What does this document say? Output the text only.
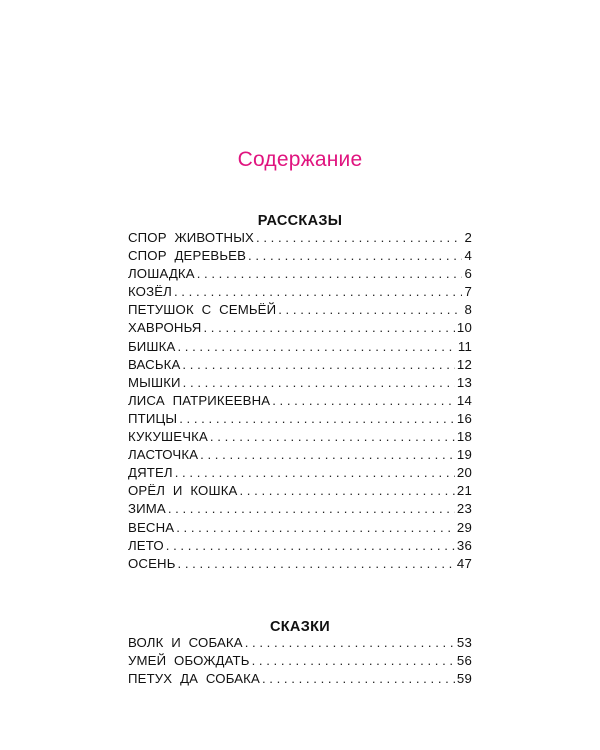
Содержание
РАССКАЗЫ
СПОР ЖИВОТНЫХ . . .	2
СПОР ДЕРЕВЬЕВ . . .	4
ЛОШАДКА . . .	6
КОЗЁЛ . . .	7
ПЕТУШОК С СЕМЬЁЙ . . .	8
ХАВРОНЬЯ . . .	10
БИШКА . . .	11
ВАСЬКА . . .	12
МЫШКИ . . .	13
ЛИСА ПАТРИКЕЕВНА . . .	14
ПТИЦЫ . . .	16
КУКУШЕЧКА . . .	18
ЛАСТОЧКА . . .	19
ДЯТЕЛ . . .	20
ОРЁЛ И КОШКА . . .	21
ЗИМА . . .	23
ВЕСНА . . .	29
ЛЕТО . . .	36
ОСЕНЬ . . .	47
СКАЗКИ
ВОЛК И СОБАКА . . .	53
УМЕЙ ОБОЖДАТЬ . . .	56
ПЕТУХ ДА СОБАКА . . .	59
